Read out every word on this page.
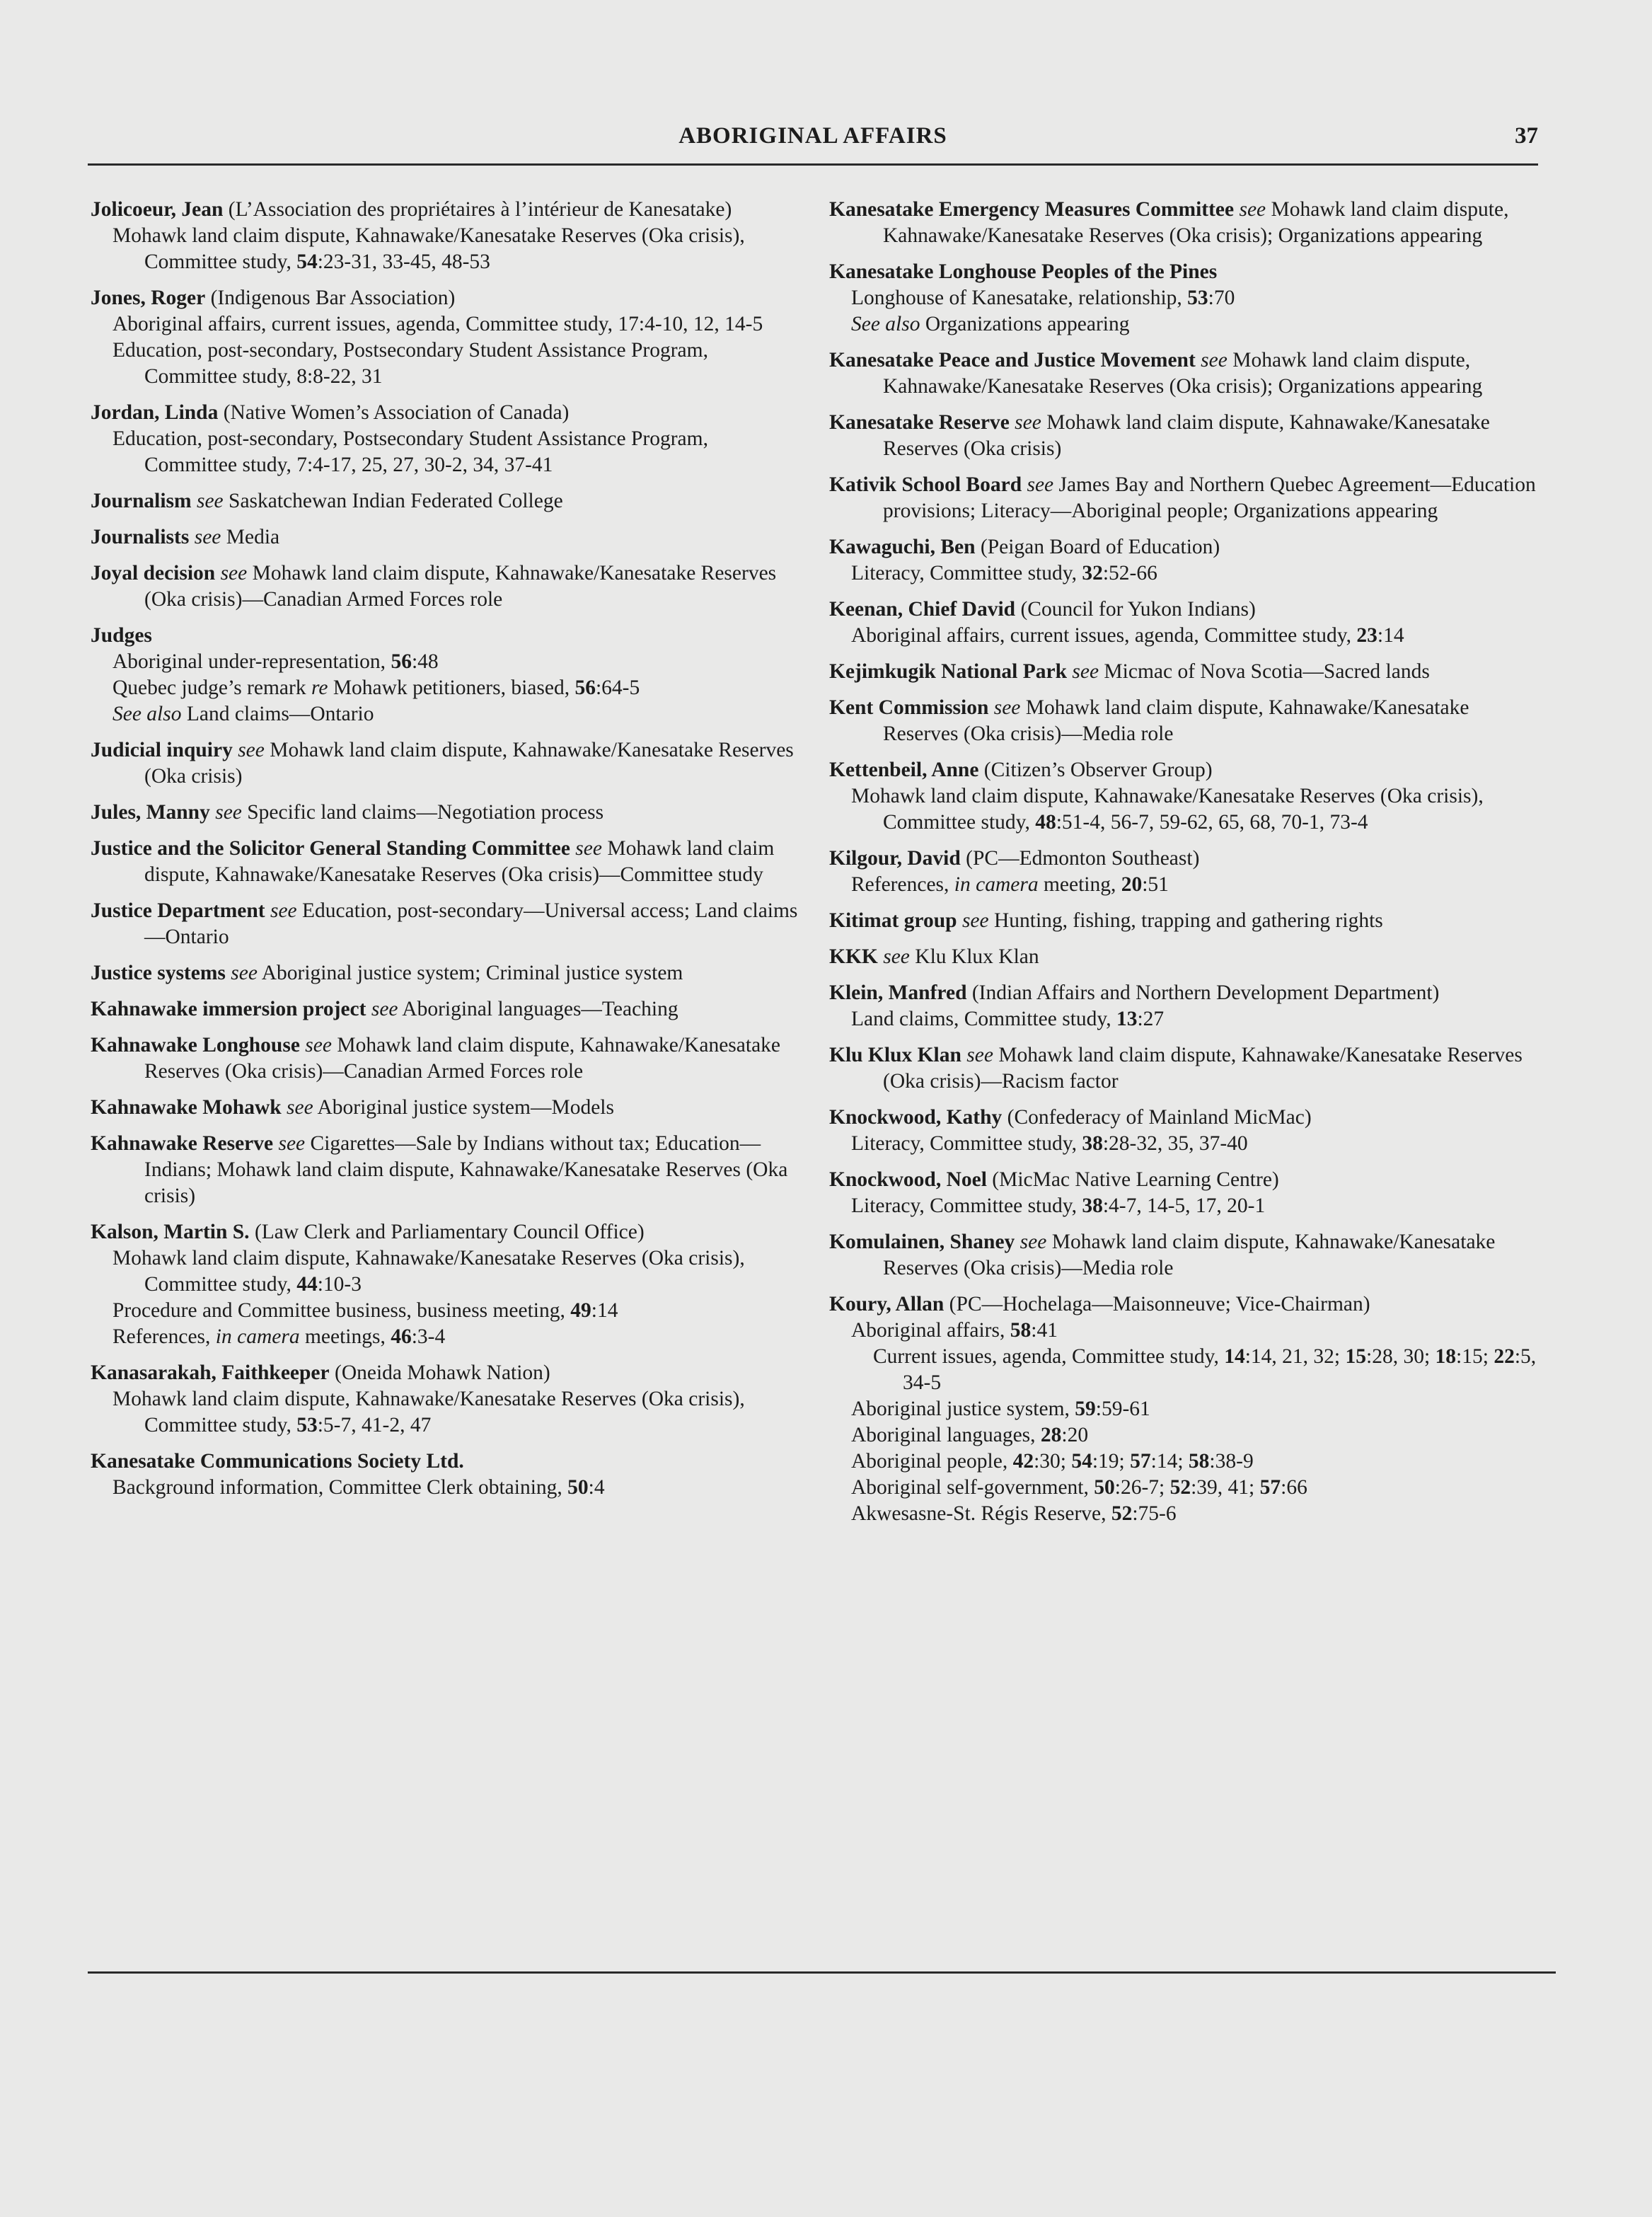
ABORIGINAL AFFAIRS	37
Jolicoeur, Jean (L’Association des propriétaires à l’intérieur de Kanesatake)
Mohawk land claim dispute, Kahnawake/Kanesatake Reserves (Oka crisis), Committee study, 54:23-31, 33-45, 48-53
Jones, Roger (Indigenous Bar Association)
Aboriginal affairs, current issues, agenda, Committee study, 17:4-10, 12, 14-5
Education, post-secondary, Postsecondary Student Assistance Program, Committee study, 8:8-22, 31
Jordan, Linda (Native Women’s Association of Canada)
Education, post-secondary, Postsecondary Student Assistance Program, Committee study, 7:4-17, 25, 27, 30-2, 34, 37-41
Journalism see Saskatchewan Indian Federated College
Journalists see Media
Joyal decision see Mohawk land claim dispute, Kahnawake/Kanesatake Reserves (Oka crisis)—Canadian Armed Forces role
Judges
Aboriginal under-representation, 56:48
Quebec judge’s remark re Mohawk petitioners, biased, 56:64-5
See also Land claims—Ontario
Judicial inquiry see Mohawk land claim dispute, Kahnawake/Kanesatake Reserves (Oka crisis)
Jules, Manny see Specific land claims—Negotiation process
Justice and the Solicitor General Standing Committee see Mohawk land claim dispute, Kahnawake/Kanesatake Reserves (Oka crisis)—Committee study
Justice Department see Education, post-secondary—Universal access; Land claims—Ontario
Justice systems see Aboriginal justice system; Criminal justice system
Kahnawake immersion project see Aboriginal languages—Teaching
Kahnawake Longhouse see Mohawk land claim dispute, Kahnawake/Kanesatake Reserves (Oka crisis)—Canadian Armed Forces role
Kahnawake Mohawk see Aboriginal justice system—Models
Kahnawake Reserve see Cigarettes—Sale by Indians without tax; Education—Indians; Mohawk land claim dispute, Kahnawake/Kanesatake Reserves (Oka crisis)
Kalson, Martin S. (Law Clerk and Parliamentary Council Office)
Mohawk land claim dispute, Kahnawake/Kanesatake Reserves (Oka crisis), Committee study, 44:10-3
Procedure and Committee business, business meeting, 49:14
References, in camera meetings, 46:3-4
Kanasarakah, Faithkeeper (Oneida Mohawk Nation)
Mohawk land claim dispute, Kahnawake/Kanesatake Reserves (Oka crisis), Committee study, 53:5-7, 41-2, 47
Kanesatake Communications Society Ltd.
Background information, Committee Clerk obtaining, 50:4
Kanesatake Emergency Measures Committee see Mohawk land claim dispute, Kahnawake/Kanesatake Reserves (Oka crisis); Organizations appearing
Kanesatake Longhouse Peoples of the Pines
Longhouse of Kanesatake, relationship, 53:70
See also Organizations appearing
Kanesatake Peace and Justice Movement see Mohawk land claim dispute, Kahnawake/Kanesatake Reserves (Oka crisis); Organizations appearing
Kanesatake Reserve see Mohawk land claim dispute, Kahnawake/Kanesatake Reserves (Oka crisis)
Kativik School Board see James Bay and Northern Quebec Agreement—Education provisions; Literacy—Aboriginal people; Organizations appearing
Kawaguchi, Ben (Peigan Board of Education)
Literacy, Committee study, 32:52-66
Keenan, Chief David (Council for Yukon Indians)
Aboriginal affairs, current issues, agenda, Committee study, 23:14
Kejimkugik National Park see Micmac of Nova Scotia—Sacred lands
Kent Commission see Mohawk land claim dispute, Kahnawake/Kanesatake Reserves (Oka crisis)—Media role
Kettenbeil, Anne (Citizen’s Observer Group)
Mohawk land claim dispute, Kahnawake/Kanesatake Reserves (Oka crisis), Committee study, 48:51-4, 56-7, 59-62, 65, 68, 70-1, 73-4
Kilgour, David (PC—Edmonton Southeast)
References, in camera meeting, 20:51
Kitimat group see Hunting, fishing, trapping and gathering rights
KKK see Klu Klux Klan
Klein, Manfred (Indian Affairs and Northern Development Department)
Land claims, Committee study, 13:27
Klu Klux Klan see Mohawk land claim dispute, Kahnawake/Kanesatake Reserves (Oka crisis)—Racism factor
Knockwood, Kathy (Confederacy of Mainland MicMac)
Literacy, Committee study, 38:28-32, 35, 37-40
Knockwood, Noel (MicMac Native Learning Centre)
Literacy, Committee study, 38:4-7, 14-5, 17, 20-1
Komulainen, Shaney see Mohawk land claim dispute, Kahnawake/Kanesatake Reserves (Oka crisis)—Media role
Koury, Allan (PC—Hochelaga—Maisonneuve; Vice-Chairman)
Aboriginal affairs, 58:41
Current issues, agenda, Committee study, 14:14, 21, 32; 15:28, 30; 18:15; 22:5, 34-5
Aboriginal justice system, 59:59-61
Aboriginal languages, 28:20
Aboriginal people, 42:30; 54:19; 57:14; 58:38-9
Aboriginal self-government, 50:26-7; 52:39, 41; 57:66
Akwesasne-St. Régis Reserve, 52:75-6
